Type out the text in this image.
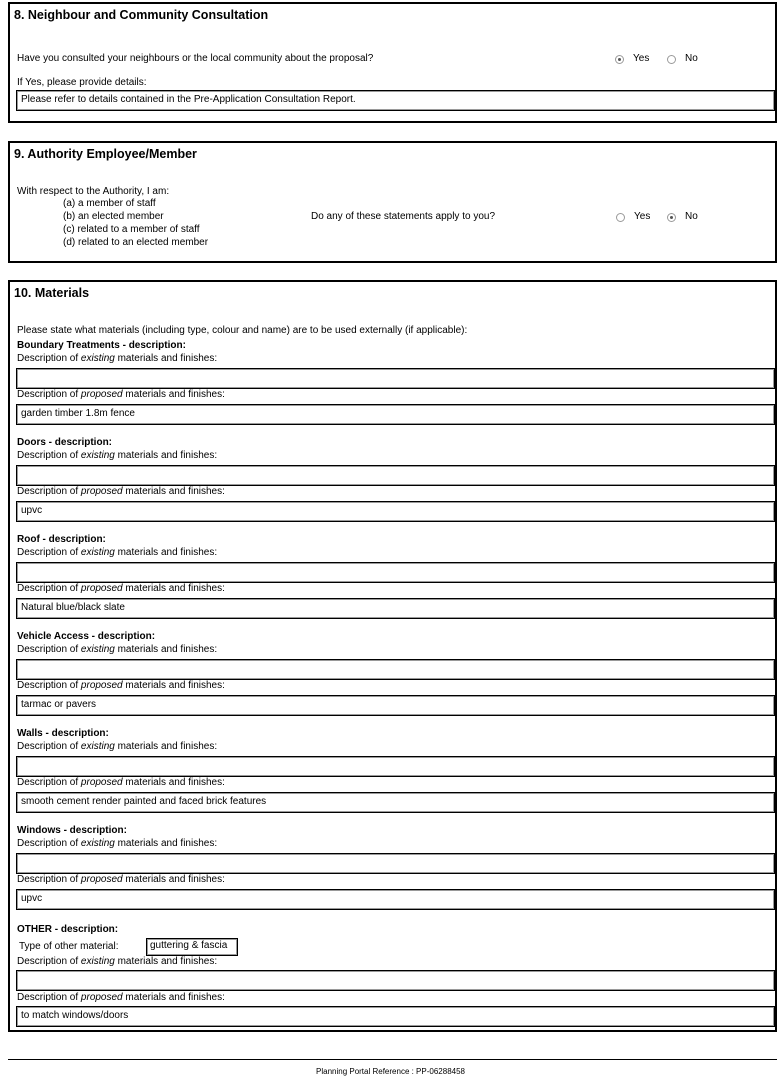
8. Neighbour and Community Consultation
Have you consulted your neighbours or the local community about the proposal?	Yes	No
If Yes, please provide details:
Please refer to details contained in the Pre-Application Consultation Report.
9. Authority Employee/Member
With respect to the Authority, I am:
(a) a member of staff
(b) an elected member
(c) related to a member of staff
(d) related to an elected member
Do any of these statements apply to you?	Yes	No
10. Materials
Please state what materials (including type, colour and name) are to be used externally (if applicable):
OTHER - description:
Type of other material:	guttering & fascia
Description of existing materials and finishes:
Description of proposed materials and finishes:
to match windows/doors
Boundary Treatments - description:
Description of existing materials and finishes:
Description of proposed materials and finishes:
garden timber 1.8m fence
Doors - description:
Description of existing materials and finishes:
Description of proposed materials and finishes:
upvc
Roof - description:
Description of existing materials and finishes:
Description of proposed materials and finishes:
Natural blue/black slate
Vehicle Access - description:
Description of existing materials and finishes:
Description of proposed materials and finishes:
tarmac or pavers
Walls - description:
Description of existing materials and finishes:
Description of proposed materials and finishes:
smooth cement render painted and faced brick features
Windows - description:
Description of existing materials and finishes:
Description of proposed materials and finishes:
upvc
Planning Portal Reference : PP-06288458
